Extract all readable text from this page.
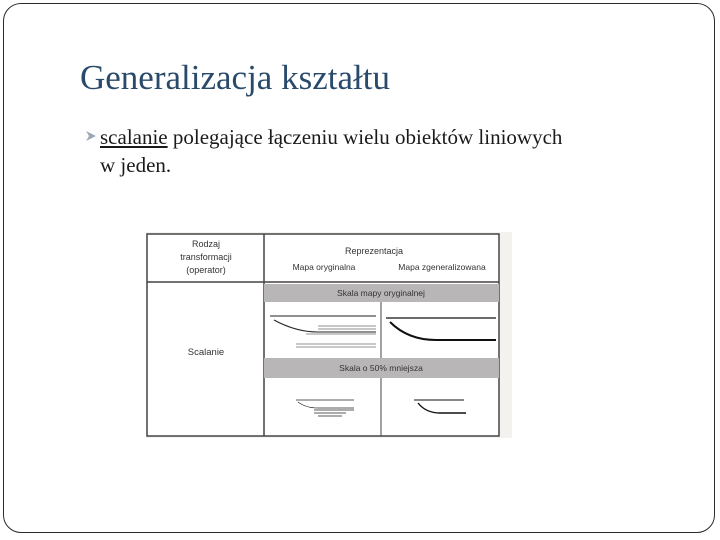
Generalizacja kształtu
scalanie polegające łączeniu wielu obiektów liniowych
w jeden.
Rodzaj
transformacji
(operator)
Reprezentacja
Mapa oryginalna	Mapa zgeneralizowana
Skala mapy oryginalnej
Skala o 50% mniejsza
Scalanie
